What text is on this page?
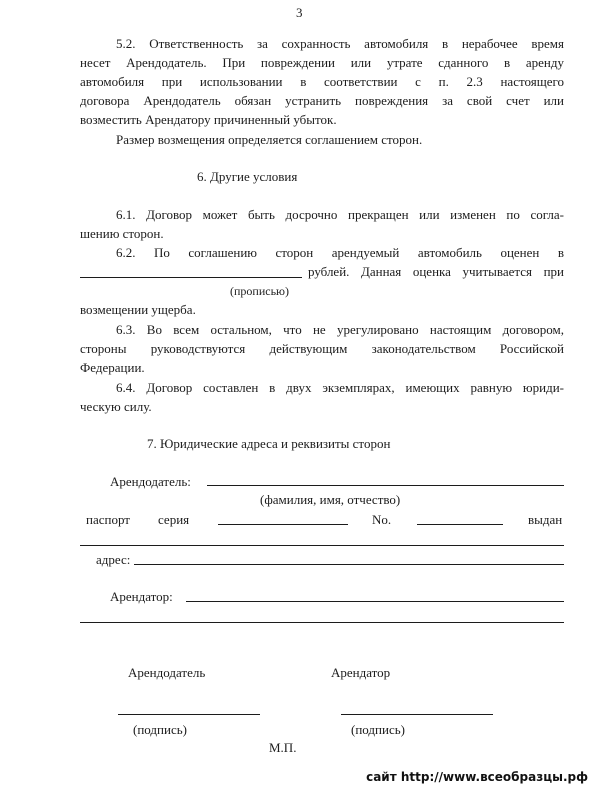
3
5.2. Ответственность за сохранность автомобиля в нерабочее время
несет Арендодатель. При повреждении или утрате сданного в аренду
автомобиля при использовании в соответствии с п. 2.3 настоящего
договора Арендодатель обязан устранить повреждения за свой счет или
возместить Арендатору причиненный убыток.
Размер возмещения определяется соглашением сторон.
6. Другие условия
6.1. Договор может быть досрочно прекращен или изменен по согла-
шению сторон.
6.2. По соглашению сторон арендуемый автомобиль оценен в
рублей. Данная оценка учитывается при
(прописью)
возмещении ущерба.
6.3. Во всем остальном, что не урегулировано настоящим договором,
стороны руководствуются действующим законодательством Российской
Федерации.
6.4. Договор составлен в двух экземплярах, имеющих равную юриди-
ческую силу.
7. Юридические адреса и реквизиты сторон
Арендодатель:
(фамилия, имя, отчество)
паспорт серия	No.	выдан
адрес:
Арендатор:
Арендодатель	Арендатор
(подпись)	(подпись)
М.П.
сайт http://www.всеобразцы.рф
